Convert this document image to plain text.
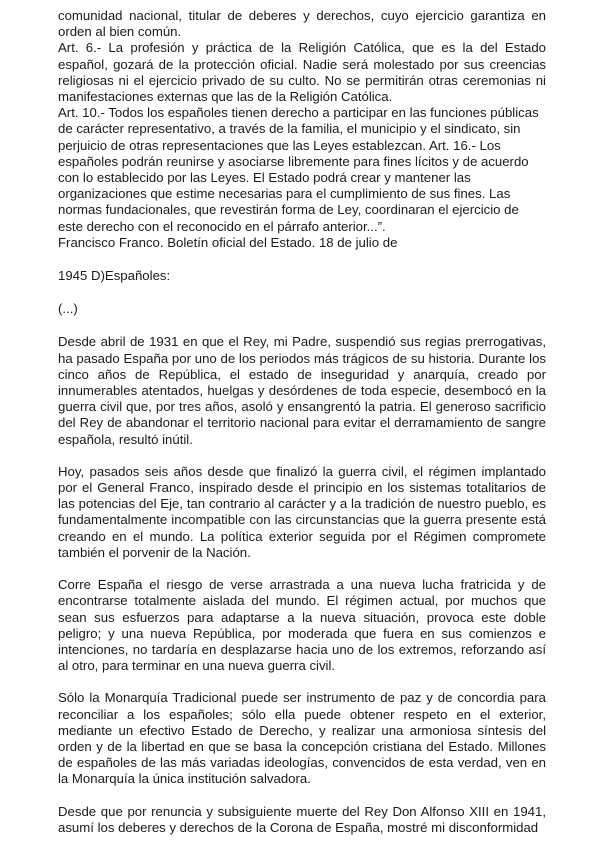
comunidad nacional, titular de deberes y derechos, cuyo ejercicio garantiza en orden al bien común.

Art. 6.- La profesión y práctica de la Religión Católica, que es la del Estado español, gozará de la protección oficial. Nadie será molestado por sus creencias religiosas ni el ejercicio privado de su culto. No se permitirán otras ceremonias ni manifestaciones externas que las de la Religión Católica.

Art. 10.- Todos los españoles tienen derecho a participar en las funciones públicas de carácter representativo, a través de la familia, el municipio y el sindicato, sin perjuicio de otras representaciones que las Leyes establezcan. Art. 16.- Los españoles podrán reunirse y asociarse libremente para fines lícitos y de acuerdo con lo establecido por las Leyes. El Estado podrá crear y mantener las organizaciones que estime necesarias para el cumplimiento de sus fines. Las normas fundacionales, que revestirán forma de Ley, coordinaran el ejercicio de este derecho con el reconocido en el párrafo anterior...”.

Francisco Franco. Boletín oficial del Estado. 18 de julio de

1945 D)Españoles:

(...)

Desde abril de 1931 en que el Rey, mi Padre, suspendió sus regias prerrogativas, ha pasado España por uno de los periodos más trágicos de su historia. Durante los cinco años de República, el estado de inseguridad y anarquía, creado por innumerables atentados, huelgas y desórdenes de toda especie, desembocó en la guerra civil que, por tres años, asoló y ensangrentó la patria. El generoso sacrificio del Rey de abandonar el territorio nacional para evitar el derramamiento de sangre española, resultó inútil.

Hoy, pasados seis años desde que finalizó la guerra civil, el régimen implantado por el General Franco, inspirado desde el principio en los sistemas totalitarios de las potencias del Eje, tan contrario al carácter y a la tradición de nuestro pueblo, es fundamentalmente incompatible con las circunstancias que la guerra presente está creando en el mundo. La política exterior seguida por el Régimen compromete también el porvenir de la Nación.

Corre España el riesgo de verse arrastrada a una nueva lucha fratricida y de encontrarse totalmente aislada del mundo. El régimen actual, por muchos que sean sus esfuerzos para adaptarse a la nueva situación, provoca este doble peligro; y una nueva República, por moderada que fuera en sus comienzos e intenciones, no tardaría en desplazarse hacia uno de los extremos, reforzando así al otro, para terminar en una nueva guerra civil.

Sólo la Monarquía Tradicional puede ser instrumento de paz y de concordia para reconciliar a los españoles; sólo ella puede obtener respeto en el exterior, mediante un efectivo Estado de Derecho, y realizar una armoniosa síntesis del orden y de la libertad en que se basa la concepción cristiana del Estado. Millones de españoles de las más variadas ideologías, convencidos de esta verdad, ven en la Monarquía la única institución salvadora.

Desde que por renuncia y subsiguiente muerte del Rey Don Alfonso XIII en 1941, asumí los deberes y derechos de la Corona de España, mostré mi disconformidad
